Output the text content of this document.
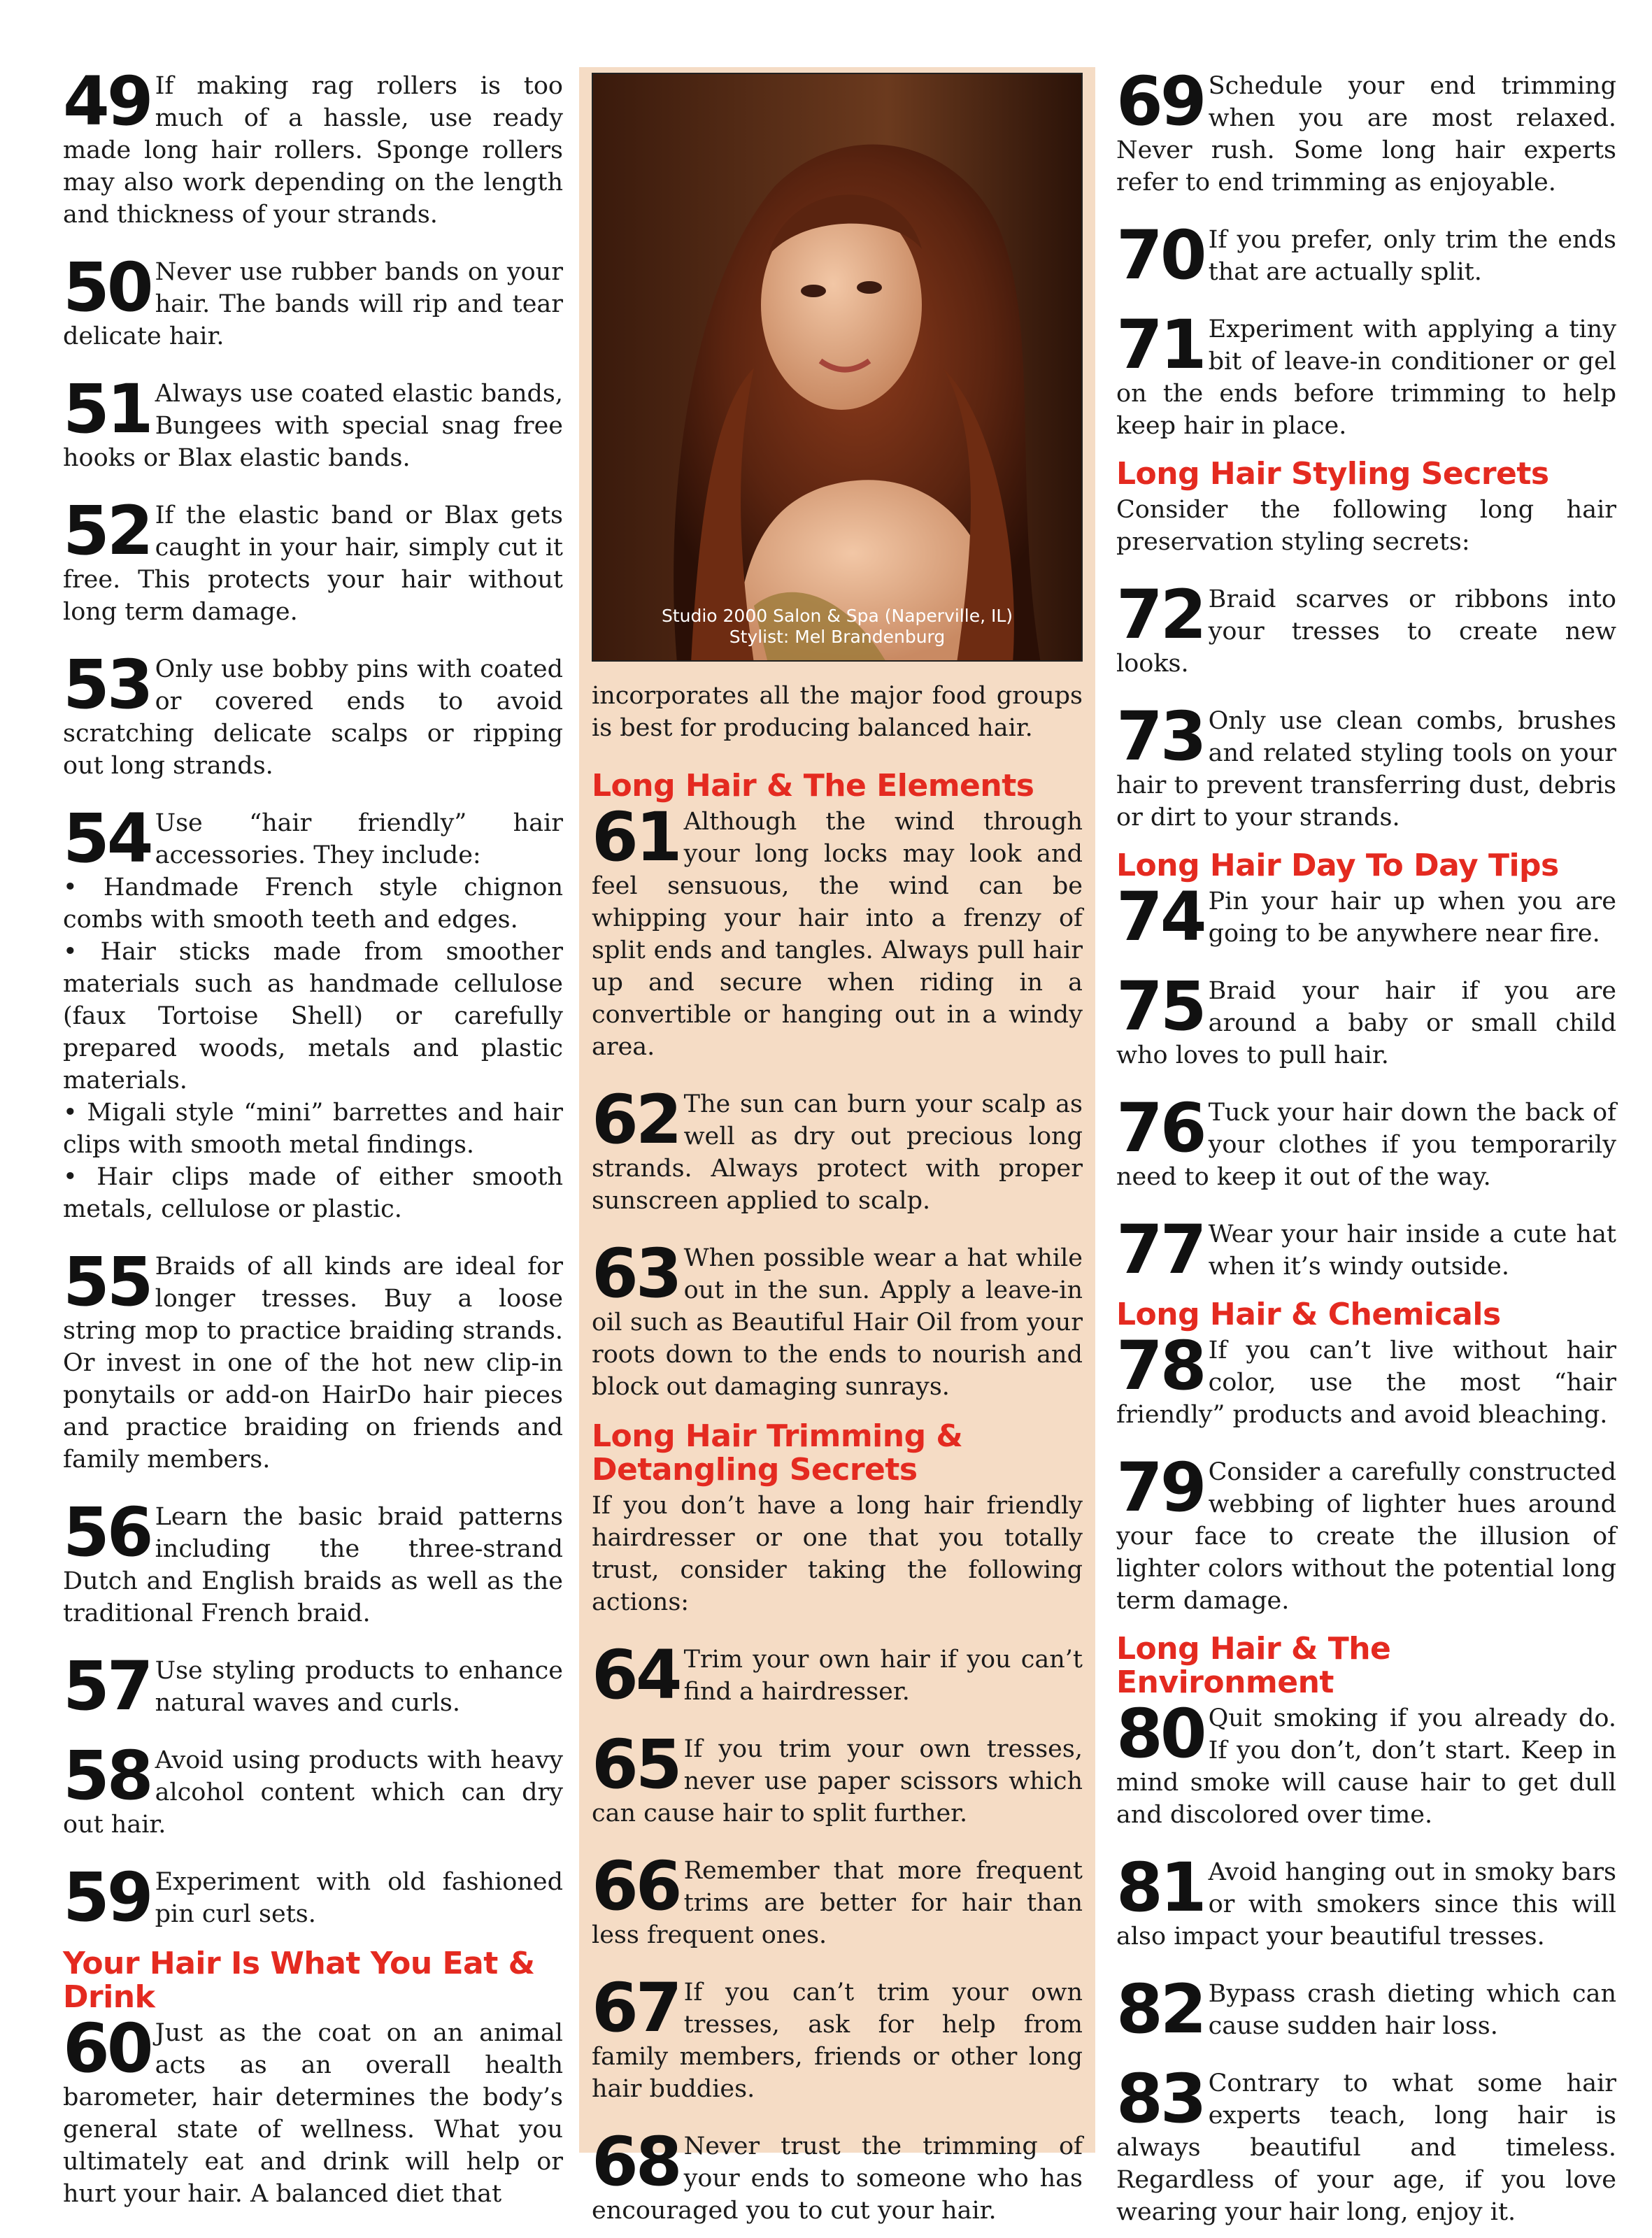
49 If making rag rollers is too much of a hassle, use ready made long hair rollers. Sponge rollers may also work depending on the length and thickness of your strands.

50 Never use rubber bands on your hair. The bands will rip and tear delicate hair.

51 Always use coated elastic bands, Bungees with special snag free hooks or Blax elastic bands.

52 If the elastic band or Blax gets caught in your hair, simply cut it free. This protects your hair without long term damage.

53 Only use bobby pins with coated or covered ends to avoid scratching delicate scalps or ripping out long strands.

54 Use “hair friendly” hair accessories. They include:

• Handmade French style chignon combs with smooth teeth and edges.

• Hair sticks made from smoother materials such as handmade cellulose (faux Tortoise Shell) or carefully prepared woods, metals and plastic materials.

• Migali style “mini” barrettes and hair clips with smooth metal findings.

• Hair clips made of either smooth metals, cellulose or plastic.

55 Braids of all kinds are ideal for longer tresses. Buy a loose string mop to practice braiding strands. Or invest in one of the hot new clip-in ponytails or add-on HairDo hair pieces and practice braiding on friends and family members.

56 Learn the basic braid patterns including the three-strand Dutch and English braids as well as the traditional French braid.

57 Use styling products to enhance natural waves and curls.

58 Avoid using products with heavy alcohol content which can dry out hair.

59 Experiment with old fashioned pin curl sets.

Your Hair Is What You Eat & Drink
60 Just as the coat on an animal acts as an overall health barometer, hair determines the body’s general state of wellness. What you ultimately eat and drink will help or hurt your hair. A balanced diet that

Studio 2000 Salon & Spa (Naperville, IL)
Stylist: Mel Brandenburg

incorporates all the major food groups is best for producing balanced hair.

Long Hair & The Elements
61 Although the wind through your long locks may look and feel sensuous, the wind can be whipping your hair into a frenzy of split ends and tangles. Always pull hair up and secure when riding in a convertible or hanging out in a windy area.

62 The sun can burn your scalp as well as dry out precious long strands. Always protect with proper sunscreen applied to scalp.

63 When possible wear a hat while out in the sun. Apply a leave-in oil such as Beautiful Hair Oil from your roots down to the ends to nourish and block out damaging sunrays.

Long Hair Trimming & Detangling Secrets

If you don’t have a long hair friendly hairdresser or one that you totally trust, consider taking the following actions:

64 Trim your own hair if you can’t find a hairdresser.

65 If you trim your own tresses, never use paper scissors which can cause hair to split further.

66 Remember that more frequent trims are better for hair than less frequent ones.

67 If you can’t trim your own tresses, ask for help from family members, friends or other long hair buddies.

68 Never trust the trimming of your ends to someone who has encouraged you to cut your hair.

69 Schedule your end trimming when you are most relaxed. Never rush. Some long hair experts refer to end trimming as enjoyable.

70 If you prefer, only trim the ends that are actually split.

71 Experiment with applying a tiny bit of leave-in conditioner or gel on the ends before trimming to help keep hair in place.

Long Hair Styling Secrets

Consider the following long hair preservation styling secrets:

72 Braid scarves or ribbons into your tresses to create new looks.

73 Only use clean combs, brushes and related styling tools on your hair to prevent transferring dust, debris or dirt to your strands.

Long Hair Day To Day Tips
74 Pin your hair up when you are going to be anywhere near fire.

75 Braid your hair if you are around a baby or small child who loves to pull hair.

76 Tuck your hair down the back of your clothes if you temporarily need to keep it out of the way.

77 Wear your hair inside a cute hat when it’s windy outside.

Long Hair & Chemicals
78 If you can’t live without hair color, use the most “hair friendly” products and avoid bleaching.

79 Consider a carefully constructed webbing of lighter hues around your face to create the illusion of lighter colors without the potential long term damage.

Long Hair & The Environment
80 Quit smoking if you already do. If you don’t, don’t start. Keep in mind smoke will cause hair to get dull and discolored over time.

81 Avoid hanging out in smoky bars or with smokers since this will also impact your beautiful tresses.

82 Bypass crash dieting which can cause sudden hair loss.

83 Contrary to what some hair experts teach, long hair is always beautiful and timeless. Regardless of your age, if you love wearing your hair long, enjoy it.
